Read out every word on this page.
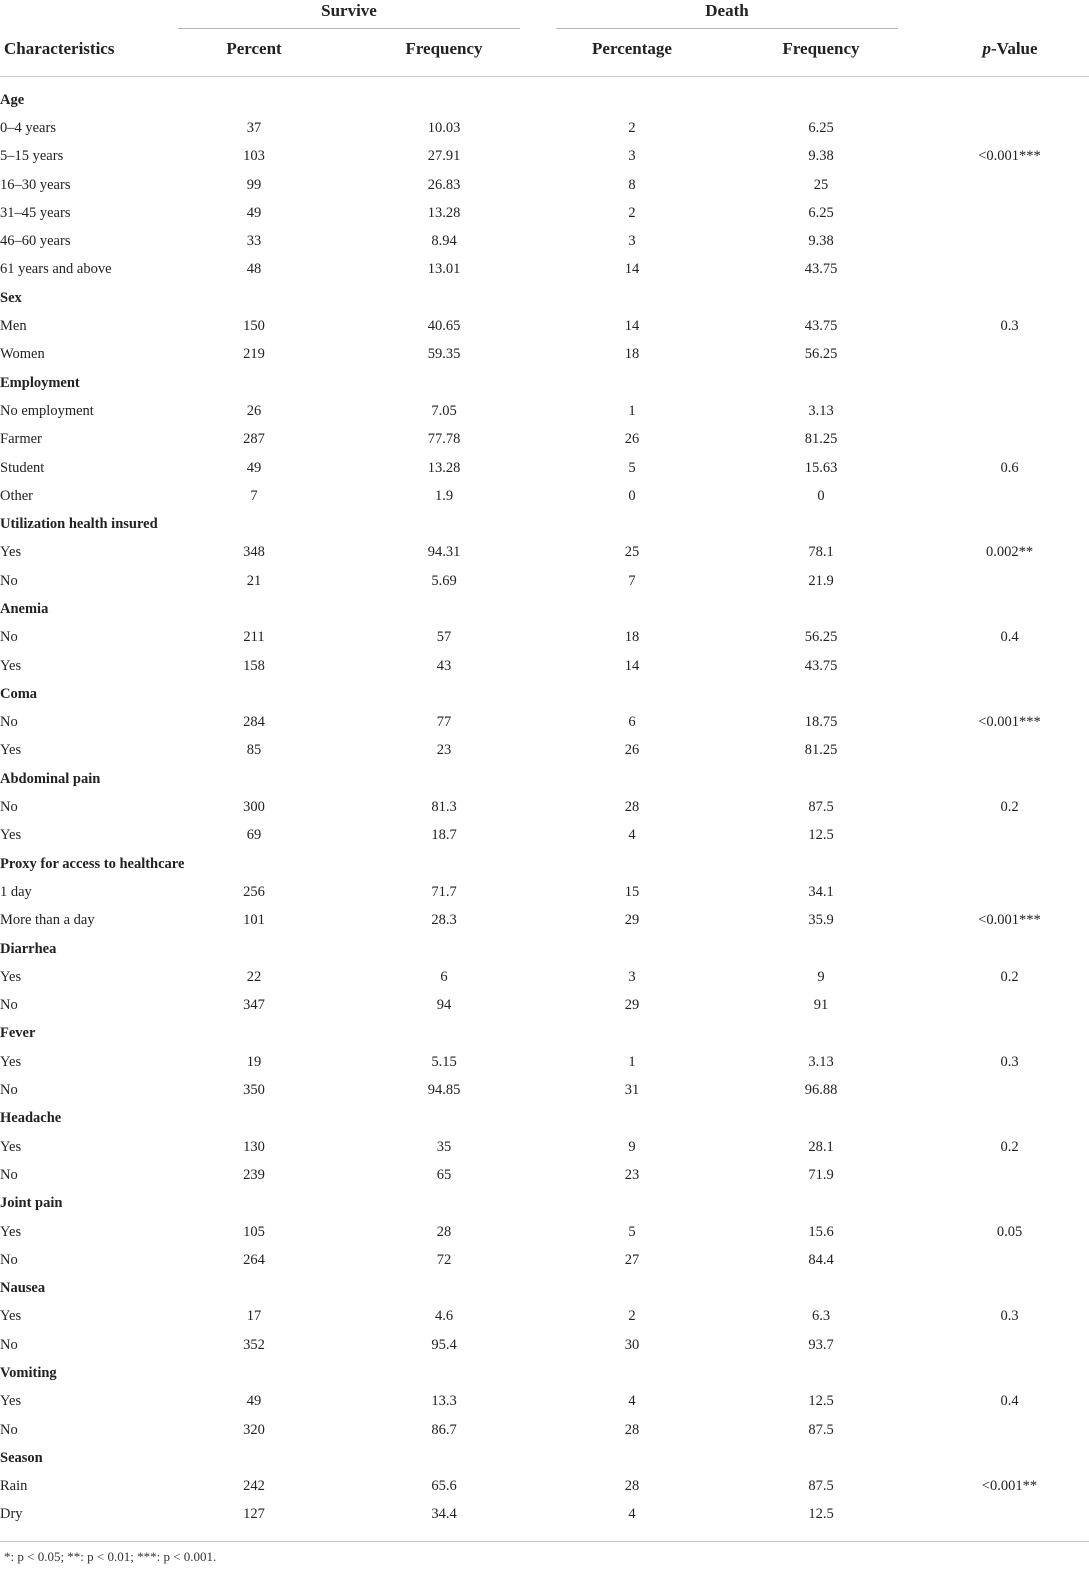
Survive	Death
Characteristics	Percent	Frequency	Percentage	Frequency	p-Value
Age									
0–4 years	37		10.03		2		6.25		
5–15 years	103		27.91		3		9.38		<0.001***
16–30 years	99		26.83		8		25		
31–45 years	49		13.28		2		6.25		
46–60 years	33		8.94		3		9.38		
61 years and above	48		13.01		14		43.75		
Sex									
Men	150		40.65		14		43.75		0.3
Women	219		59.35		18		56.25		
Employment									
No employment	26		7.05		1		3.13		
Farmer	287		77.78		26		81.25		
Student	49		13.28		5		15.63		0.6
Other	7		1.9		0		0		
Utilization health insured									
Yes	348		94.31		25		78.1		0.002**
No	21		5.69		7		21.9		
Anemia									
No	211		57		18		56.25		0.4
Yes	158		43		14		43.75		
Coma									
No	284		77		6		18.75		<0.001***
Yes	85		23		26		81.25		
Abdominal pain									
No	300		81.3		28		87.5		0.2
Yes	69		18.7		4		12.5		
Proxy for access to healthcare									
1 day	256		71.7		15		34.1		
More than a day	101		28.3		29		35.9		<0.001***
Diarrhea									
Yes	22		6		3		9		0.2
No	347		94		29		91		
Fever									
Yes	19		5.15		1		3.13		0.3
No	350		94.85		31		96.88		
Headache									
Yes	130		35		9		28.1		0.2
No	239		65		23		71.9		
Joint pain									
Yes	105		28		5		15.6		0.05
No	264		72		27		84.4		
Nausea									
Yes	17		4.6		2		6.3		0.3
No	352		95.4		30		93.7		
Vomiting									
Yes	49		13.3		4		12.5		0.4
No	320		86.7		28		87.5		
Season									
Rain	242		65.6		28		87.5		<0.001**
Dry	127		34.4		4		12.5		
*: p < 0.05; **: p < 0.01; ***: p < 0.001.
